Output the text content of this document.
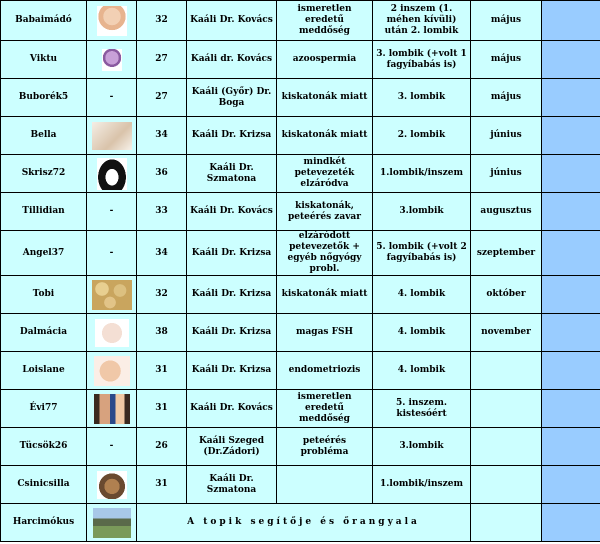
Babaimádó		32	Kaáli Dr. Kovács	ismeretlen eredetű meddőség	2 inszem (1. méhen kívüli) után 2. lombik	május	
Viktu		27	Kaáli dr. Kovács	azoospermia	3. lombik (+volt 1 fagyíbabás is)	május	
Buborék5	-	27	Kaáli (Győr) Dr. Boga	kiskatonák miatt	3. lombik	május	
Bella		34	Kaáli Dr. Krizsa	kiskatonák miatt	2. lombik	június	
Skrisz72		36	Kaáli Dr. Szmatona	mindkét petevezeték elzáródva	1.lombik/inszem	június	
Tillidian	-	33	Kaáli Dr. Kovács	kiskatonák, peteérés zavar	3.lombik	augusztus	
Angel37	-	34	Kaáli Dr. Krizsa	elzáródott petevezetők + egyéb nőgyógy probl.	5. lombik (+volt 2 fagyíbabás is)	szeptember	
Tobi		32	Kaáli Dr. Krizsa	kiskatonák miatt	4. lombik	október	
Dalmácia		38	Kaáli Dr. Krizsa	magas FSH	4. lombik	november	
Loislane		31	Kaáli Dr. Krizsa	endometriozis	4. lombik		
Évi77		31	Kaáli Dr. Kovács	ismeretlen eredetű meddőség	5. inszem. kistesóért		
Tücsök26	-	26	Kaáli Szeged (Dr.Zádori)	peteérés probléma	3.lombik		
Csinicsilla		31	Kaáli Dr. Szmatona		1.lombik/inszem		
Harcimókus		A topik segítője és őrangyala					
